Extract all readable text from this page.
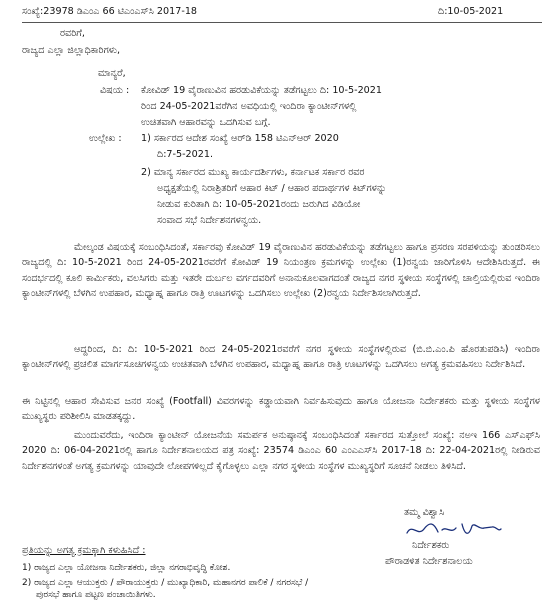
ಸಂಖ್ಯೆ:23978 ಡಿಎಂಎ 66 ಟಿಎಂಎಸ್‌ಸಿ 2017-18	ದಿ:10-05-2021
ರವರಿಗೆ,
ರಾಜ್ಯದ ಎಲ್ಲಾ ಜಿಲ್ಲಾಧಿಕಾರಿಗಳು,
ಮಾನ್ಯರೆ,
ವಿಷಯ : ಕೋವಿಡ್ 19 ವೈರಾಣುವಿನ ಹರಡುವಿಕೆಯನ್ನು ತಡೆಗಟ್ಟಲು ದಿ: 10-5-2021
ರಿಂದ 24-05-2021ವರೆಗಿನ ಅವಧಿಯಲ್ಲಿ ಇಂದಿರಾ ಕ್ಯಾಂಟೀನ್‌ಗಳಲ್ಲಿ
ಉಚಿತವಾಗಿ ಆಹಾರವನ್ನು ಒದಗಿಸುವ ಬಗ್ಗೆ.
ಉಲ್ಲೇಖ : 1) ಸರ್ಕಾರದ ಆದೇಶ ಸಂಖ್ಯೆ ಆರ್‌ಡಿ 158 ಟಿಎನ್‌ಆರ್ 2020
ದಿ:7-5-2021.
2) ಮಾನ್ಯ ಸರ್ಕಾರದ ಮುಖ್ಯ ಕಾರ್ಯದರ್ಶಿಗಳು, ಕರ್ನಾಟಕ ಸರ್ಕಾರ ರವರ
ಅಧ್ಯಕ್ಷತೆಯಲ್ಲಿ ನಿರಾಶ್ರಿತರಿಗೆ ಆಹಾರ ಕಿಟ್ / ಆಹಾರ ಪದಾರ್ಥಗಳ ಕಿಟ್‌ಗಳನ್ನು
ನೀಡುವ ಕುರಿತಾಗಿ ದಿ: 10-05-2021ರಂದು ಜರುಗಿದ ವಿಡಿಯೋ
ಸಂವಾದ ಸಭೆ ನಿರ್ದೇಶನಗಳನ್ವಯ.
ಮೇಲ್ಕಂಡ ವಿಷಯಕ್ಕೆ ಸಂಬಂಧಿಸಿದಂತೆ, ಸರ್ಕಾರವು ಕೋವಿಡ್ 19 ವೈರಾಣುವಿನ ಹರಡುವಿಕೆಯನ್ನು ತಡೆಗಟ್ಟಲು ಹಾಗೂ ಪ್ರಸರಣ ಸರಪಳಿಯನ್ನು ತುಂಡರಿಸಲು ರಾಜ್ಯದಲ್ಲಿ ದಿ: 10-5-2021 ರಿಂದ 24-05-2021ರವರೆಗೆ ಕೋವಿಡ್ 19 ನಿಯಂತ್ರಣ ಕ್ರಮಗಳನ್ನು ಉಲ್ಲೇಖ (1)ರನ್ವಯ ಜಾರಿಗೊಳಿಸಿ ಆದೇಶಿಸಿರುತ್ತದೆ. ಈ ಸಂದರ್ಭದಲ್ಲಿ ಕೂಲಿ ಕಾರ್ಮಿಕರು, ವಲಸಿಗರು ಮತ್ತು ಇತರೇ ದುರ್ಬಲ ವರ್ಗದವರಿಗೆ ಅನಾನುಕೂಲವಾಗದಂತೆ ರಾಜ್ಯದ ನಗರ ಸ್ಥಳೀಯ ಸಂಸ್ಥೆಗಳಲ್ಲಿ ಚಾಲ್ತಿಯಲ್ಲಿರುವ ಇಂದಿರಾ ಕ್ಯಾಂಟೀನ್‌ಗಳಲ್ಲಿ ಬೆಳಗಿನ ಉಪಹಾರ, ಮಧ್ಯಾಹ್ನ ಹಾಗೂ ರಾತ್ರಿ ಊಟಗಳನ್ನು ಒದಗಿಸಲು ಉಲ್ಲೇಖ (2)ರನ್ವಯ ನಿರ್ದೇಶಿಸಲಾಗಿರುತ್ತದೆ.
ಆದ್ದರಿಂದ, ದಿ: ದಿ: 10-5-2021 ರಿಂದ 24-05-2021ರವರೆಗೆ ನಗರ ಸ್ಥಳೀಯ ಸಂಸ್ಥೆಗಳಲ್ಲಿರುವ (ಬಿ.ಬಿ.ಎಂ.ಪಿ ಹೊರತುಪಡಿಸಿ) ಇಂದಿರಾ ಕ್ಯಾಂಟೀನ್‌ಗಳಲ್ಲಿ ಪ್ರಚಲಿತ ಮಾರ್ಗಸೂಚಿಗಳನ್ವಯ ಉಚಿತವಾಗಿ ಬೆಳಗಿನ ಉಪಹಾರ, ಮಧ್ಯಾಹ್ನ ಹಾಗೂ ರಾತ್ರಿ ಊಟಗಳನ್ನು ಒದಗಿಸಲು ಅಗತ್ಯ ಕ್ರಮವಹಿಸಲು ನಿರ್ದೇಶಿಸಿದೆ.
ಈ ನಿಟ್ಟಿನಲ್ಲಿ ಆಹಾರ ಸೇವಿಸುವ ಜನರ ಸಂಖ್ಯೆ (Footfall) ವಿವರಗಳನ್ನು ಕಡ್ಡಾಯವಾಗಿ ನಿರ್ವಹಿಸುವುದು ಹಾಗೂ ಯೋಜನಾ ನಿರ್ದೇಶಕರು ಮತ್ತು ಸ್ಥಳೀಯ ಸಂಸ್ಥೆಗಳ ಮುಖ್ಯಸ್ಥರು ಪರಿಶೀಲಿಸಿ ಮಾಡತಕ್ಕದ್ದು.
ಮುಂದುವರೆದು, ಇಂದಿರಾ ಕ್ಯಾಂಟೀನ್ ಯೋಜನೆಯ ಸಮರ್ಪಕ ಅನುಷ್ಠಾನಕ್ಕೆ ಸಂಬಂಧಿಸಿದಂತೆ ಸರ್ಕಾರದ ಸುತ್ತೋಲೆ ಸಂಖ್ಯೆ: ನಅಇ 166 ಎಸ್‌ಎಫ್‌ಸಿ 2020 ದಿ: 06-04-2021ರಲ್ಲಿ ಹಾಗೂ ನಿರ್ದೇಶನಾಲಯದ ಪತ್ರ ಸಂಖ್ಯೆ: 23574 ಡಿಎಂಎ 60 ಎಂಎಎಸ್‌ಸಿ 2017-18 ದಿ: 22-04-2021ರಲ್ಲಿ ನೀಡಿರುವ ನಿರ್ದೇಶನಗಳಂತೆ ಅಗತ್ಯ ಕ್ರಮಗಳನ್ನು ಯಾವುದೇ ಲೋಪಗಳಿಲ್ಲದೆ ಕೈಗೊಳ್ಳಲು ಎಲ್ಲಾ ನಗರ ಸ್ಥಳೀಯ ಸಂಸ್ಥೆಗಳ ಮುಖ್ಯಸ್ಥರಿಗೆ ಸೂಚನೆ ನೀಡಲು ತಿಳಿಸಿದೆ.
ತಮ್ಮ ವಿಶ್ವಾಸಿ
ನಿರ್ದೇಶಕರು
ಪೌರಾಡಳಿತ ನಿರ್ದೇಶನಾಲಯ
ಪ್ರತಿಯನ್ನು ಅಗತ್ಯ ಕ್ರಮಕ್ಕಾಗಿ ಕಳುಹಿಸಿದೆ :
1) ರಾಜ್ಯದ ಎಲ್ಲಾ ಯೋಜನಾ ನಿರ್ದೇಶಕರು, ಜಿಲ್ಲಾ ನಗರಾಭಿವೃದ್ಧಿ ಕೋಶ.
2) ರಾಜ್ಯದ ಎಲ್ಲಾ ಆಯುಕ್ತರು / ಪೌರಾಯುಕ್ತರು / ಮುಖ್ಯಾಧಿಕಾರಿ, ಮಹಾನಗರ ಪಾಲಿಕೆ / ನಗರಸಭೆ /
ಪುರಸಭೆ ಹಾಗೂ ಪಟ್ಟಣ ಪಂಚಾಯಿತಿಗಳು.
